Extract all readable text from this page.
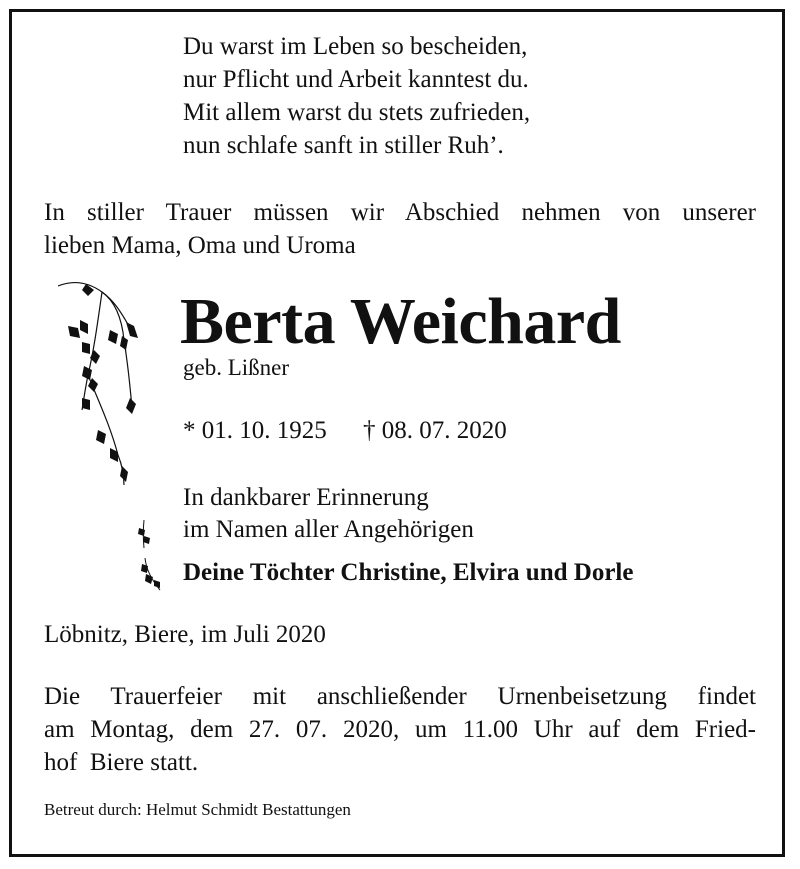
Du warst im Leben so bescheiden,
nur Pflicht und Arbeit kanntest du.
Mit allem warst du stets zufrieden,
nun schlafe sanft in stiller Ruh’.
In stiller Trauer müssen wir Abschied nehmen von unserer
lieben Mama, Oma und Uroma
Berta Weichard
geb. Lißner
* 01. 10. 1925 † 08. 07. 2020
In dankbarer Erinnerung
im Namen aller Angehörigen
Deine Töchter Christine, Elvira und Dorle
Löbnitz, Biere, im Juli 2020
Die Trauerfeier mit anschließender Urnenbeisetzung findet
am Montag, dem 27. 07. 2020, um 11.00 Uhr auf dem Fried-
hof  Biere statt.
Betreut durch: Helmut Schmidt Bestattungen
